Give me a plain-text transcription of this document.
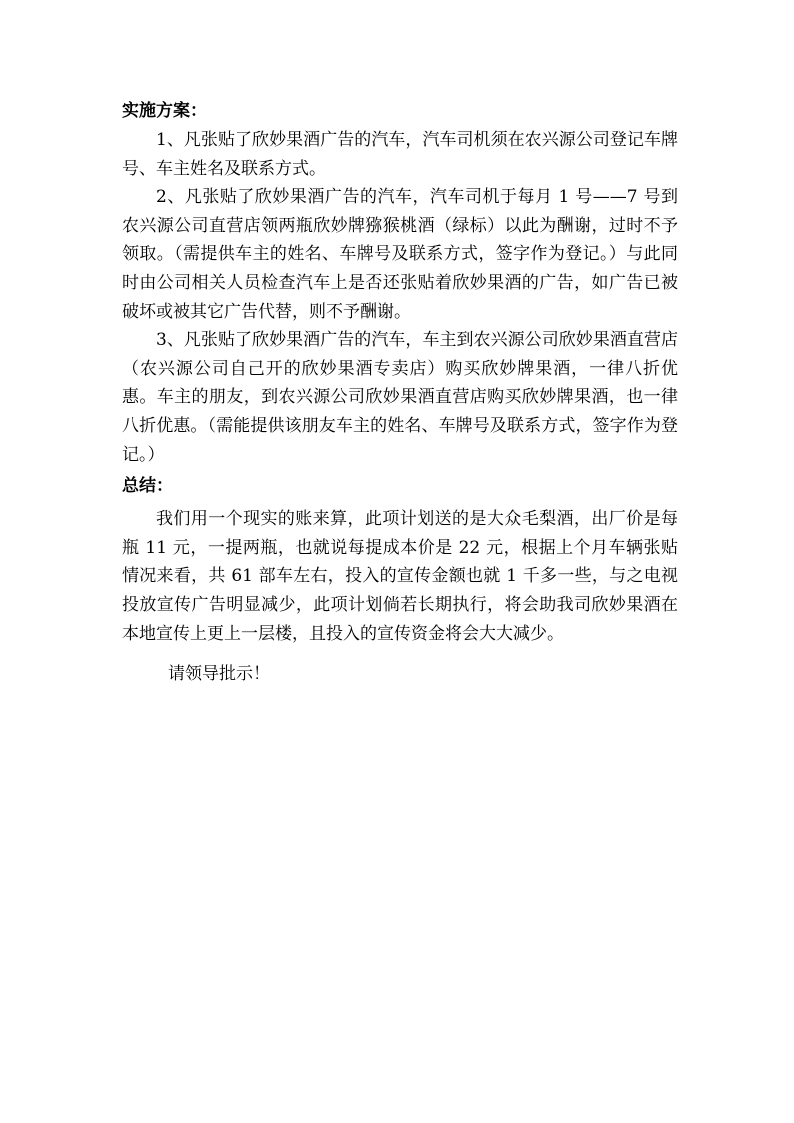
实施方案：

1、凡张贴了欣妙果酒广告的汽车，汽车司机须在农兴源公司登记车牌号、车主姓名及联系方式。

2、凡张贴了欣妙果酒广告的汽车，汽车司机于每月 1 号——7 号到农兴源公司直营店领两瓶欣妙牌猕猴桃酒（绿标）以此为酬谢，过时不予领取。（需提供车主的姓名、车牌号及联系方式，签字作为登记。）与此同时由公司相关人员检查汽车上是否还张贴着欣妙果酒的广告，如广告已被破坏或被其它广告代替，则不予酬谢。

3、凡张贴了欣妙果酒广告的汽车，车主到农兴源公司欣妙果酒直营店（农兴源公司自己开的欣妙果酒专卖店）购买欣妙牌果酒，一律八折优惠。车主的朋友，到农兴源公司欣妙果酒直营店购买欣妙牌果酒，也一律八折优惠。（需能提供该朋友车主的姓名、车牌号及联系方式，签字作为登记。）

总结：

我们用一个现实的账来算，此项计划送的是大众毛梨酒，出厂价是每瓶 11 元，一提两瓶，也就说每提成本价是 22 元，根据上个月车辆张贴情况来看，共 61 部车左右，投入的宣传金额也就 1 千多一些，与之电视投放宣传广告明显减少，此项计划倘若长期执行，将会助我司欣妙果酒在本地宣传上更上一层楼，且投入的宣传资金将会大大减少。

请领导批示！
